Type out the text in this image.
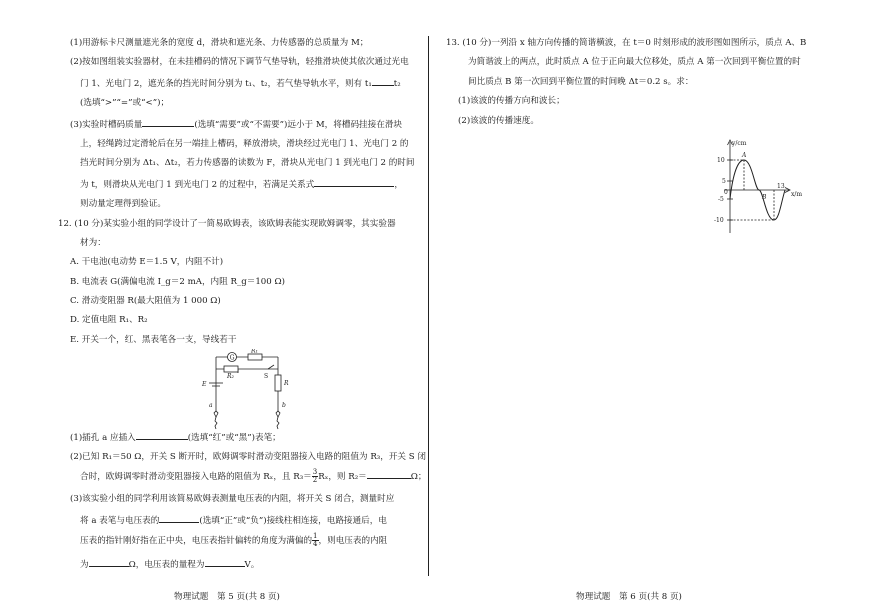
(1)用游标卡尺测量遮光条的宽度 d，滑块和遮光条、力传感器的总质量为 M；
(2)按如图组装实验器材，在未挂槽码的情况下调节气垫导轨，轻推滑块使其依次通过光电
门 1、光电门 2，遮光条的挡光时间分别为 t₁、t₂，若气垫导轨水平，则有 t₁	t₂
(选填“>”“=”或“<”)；
(3)实验时槽码质量	(选填“需要”或“不需要”)远小于 M，将槽码挂接在滑块
上，轻绳跨过定滑轮后在另一端挂上槽码，释放滑块，滑块经过光电门 1、光电门 2 的
挡光时间分别为 Δt₁、Δt₂，若力传感器的读数为 F，滑块从光电门 1 到光电门 2 的时间
为 t，则滑块从光电门 1 到光电门 2 的过程中，若满足关系式	，
则动量定理得到验证。
12. (10 分)某实验小组的同学设计了一简易欧姆表，该欧姆表能实现欧姆调零，其实验器
材为：
A. 干电池(电动势 E＝1.5 V，内阻不计)
B. 电流表 G(满偏电流 I_g＝2 mA，内阻 R_g＝100 Ω)
C. 滑动变阻器 R(最大阻值为 1 000 Ω)
D. 定值电阻 R₁、R₂
E. 开关一个，红、黑表笔各一支，导线若干
G
R₁
R₂
E
S
R
a	b
(1)插孔 a 应插入	(选填“红”或“黑”)表笔；
(2)已知 R₁＝50 Ω，开关 S 断开时，欧姆调零时滑动变阻器接入电路的阻值为 R₃，开关 S 闭
合时，欧姆调零时滑动变阻器接入电路的阻值为 Rₓ，且 $R_3= \frac{3}{2}$ Rₓ，则 R₂＝	Ω；
(3)该实验小组的同学利用该简易欧姆表测量电压表的内阻，将开关 S 闭合，测量时应
将 a 表笔与电压表的	(选填“正”或“负”)接线柱相连接，电路接通后，电
压表的指针刚好指在正中央，电压表指针偏转的角度为满偏的 $\frac{1}{4}$ ，则电压表的内阻
为	Ω，电压表的量程为	V。
13. (10 分)一列沿 x 轴方向传播的简谐横波，在 t＝0 时刻形成的波形图如图所示，质点 A、B
为简谐波上的两点，此时质点 A 位于正向最大位移处，质点 A 第一次回到平衡位置的时
间比质点 B 第一次回到平衡位置的时间晚 Δt＝0.2 s。求：
(1)该波的传播方向和波长；
(2)该波的传播速度。
y/cm
x/m
10
5
-5
-10
0
13
A
B
物理试题　第 5 页(共 8 页)	物理试题　第 6 页(共 8 页)
